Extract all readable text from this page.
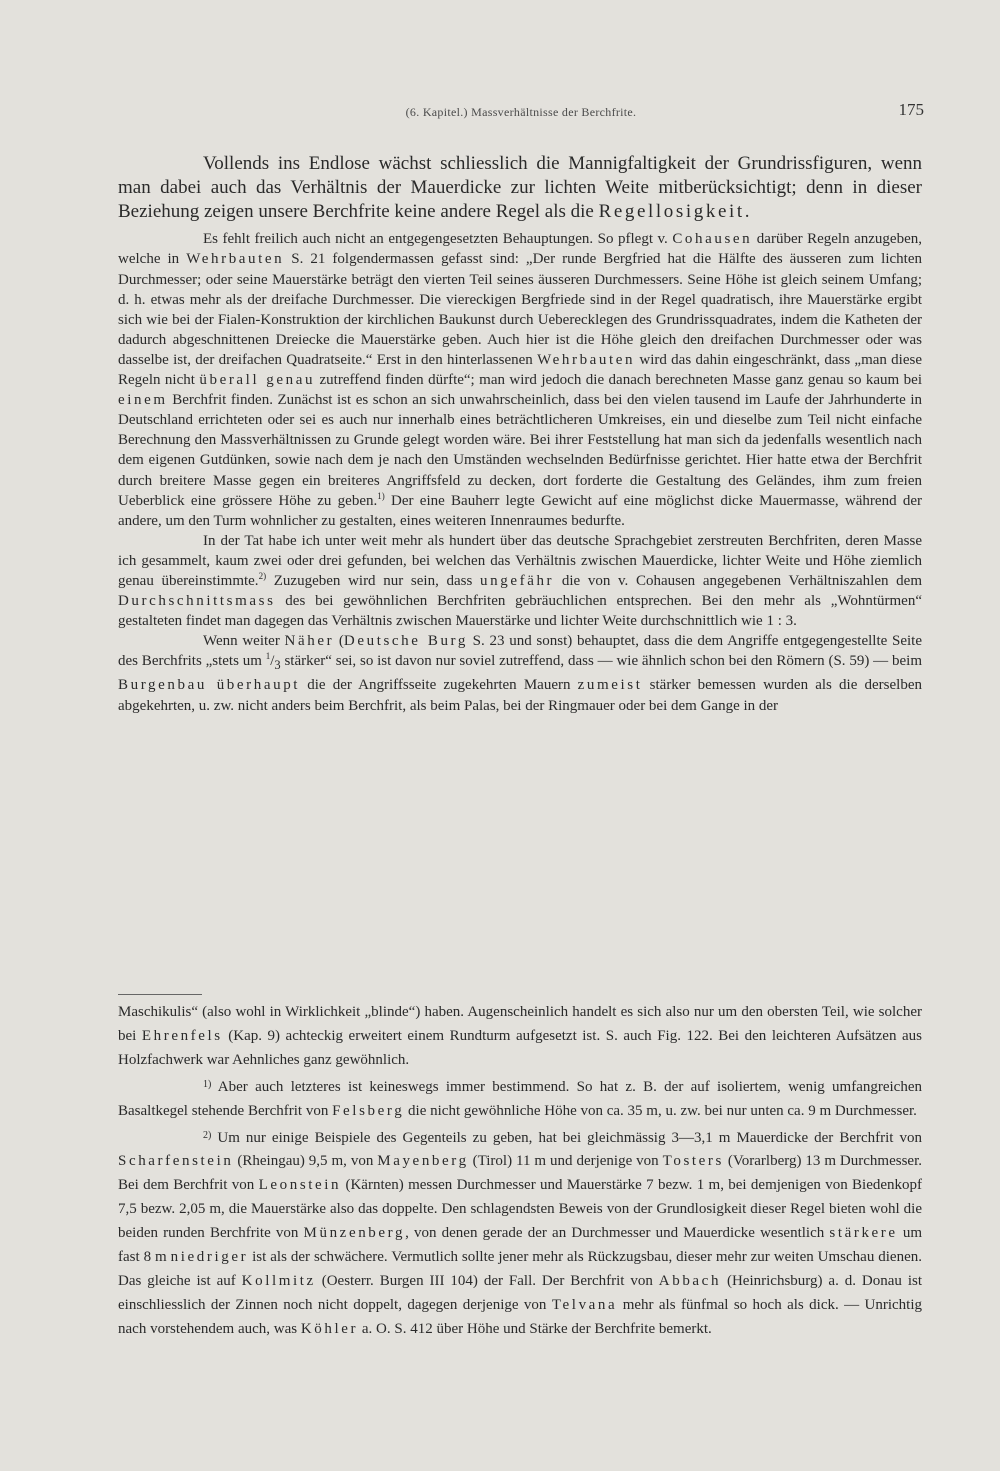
(6. Kapitel.) Massverhältnisse der Berchfrite.	175

Vollends ins Endlose wächst schliesslich die Mannigfaltigkeit der Grundrissfiguren, wenn man dabei auch das Verhältnis der Mauerdicke zur lichten Weite mitberücksichtigt; denn in dieser Beziehung zeigen unsere Berchfrite keine andere Regel als die Regellosigkeit.

Es fehlt freilich auch nicht an entgegengesetzten Behauptungen. So pflegt v. Cohausen darüber Regeln anzugeben, welche in Wehrbauten S. 21 folgendermassen gefasst sind: „Der runde Bergfried hat die Hälfte des äusseren zum lichten Durchmesser; oder seine Mauerstärke beträgt den vierten Teil seines äusseren Durchmessers. Seine Höhe ist gleich seinem Umfang; d. h. etwas mehr als der dreifache Durchmesser. Die viereckigen Bergfriede sind in der Regel quadratisch, ihre Mauerstärke ergibt sich wie bei der Fialen-Konstruktion der kirchlichen Baukunst durch Ueberecklegen des Grundrissquadrates, indem die Katheten der dadurch abgeschnittenen Dreiecke die Mauerstärke geben. Auch hier ist die Höhe gleich den dreifachen Durchmesser oder was dasselbe ist, der dreifachen Quadratseite.“ Erst in den hinterlassenen Wehrbauten wird das dahin eingeschränkt, dass „man diese Regeln nicht überall genau zutreffend finden dürfte“; man wird jedoch die danach berechneten Masse ganz genau so kaum bei einem Berchfrit finden. Zunächst ist es schon an sich unwahrscheinlich, dass bei den vielen tausend im Laufe der Jahrhunderte in Deutschland errichteten oder sei es auch nur innerhalb eines beträchtlicheren Umkreises, ein und dieselbe zum Teil nicht einfache Berechnung den Massverhältnissen zu Grunde gelegt worden wäre. Bei ihrer Feststellung hat man sich da jedenfalls wesentlich nach dem eigenen Gutdünken, sowie nach dem je nach den Umständen wechselnden Bedürfnisse gerichtet. Hier hatte etwa der Berchfrit durch breitere Masse gegen ein breiteres Angriffsfeld zu decken, dort forderte die Gestaltung des Geländes, ihm zum freien Ueberblick eine grössere Höhe zu geben.$^{1)}$ Der eine Bauherr legte Gewicht auf eine möglichst dicke Mauermasse, während der andere, um den Turm wohnlicher zu gestalten, eines weiteren Innenraumes bedurfte.

In der Tat habe ich unter weit mehr als hundert über das deutsche Sprachgebiet zerstreuten Berchfriten, deren Masse ich gesammelt, kaum zwei oder drei gefunden, bei welchen das Verhältnis zwischen Mauerdicke, lichter Weite und Höhe ziemlich genau übereinstimmte.$^{2)}$ Zuzugeben wird nur sein, dass ungefähr die von v. Cohausen angegebenen Verhältniszahlen dem Durchschnittsmass des bei gewöhnlichen Berchfriten gebräuchlichen entsprechen. Bei den mehr als „Wohntürmen“ gestalteten findet man dagegen das Verhältnis zwischen Mauerstärke und lichter Weite durchschnittlich wie 1 : 3.

Wenn weiter Näher (Deutsche Burg S. 23 und sonst) behauptet, dass die dem Angriffe entgegengestellte Seite des Berchfrits „stets um $^1/_3$ stärker“ sei, so ist davon nur soviel zutreffend, dass — wie ähnlich schon bei den Römern (S. 59) — beim Burgenbau überhaupt die der Angriffsseite zugekehrten Mauern zumeist stärker bemessen wurden als die derselben abgekehrten, u. zw. nicht anders beim Berchfrit, als beim Palas, bei der Ringmauer oder bei dem Gange in der

Maschikulis“ (also wohl in Wirklichkeit „blinde“) haben. Augenscheinlich handelt es sich also nur um den obersten Teil, wie solcher bei Ehrenfels (Kap. 9) achteckig erweitert einem Rundturm aufgesetzt ist. S. auch Fig. 122. Bei den leichteren Aufsätzen aus Holzfachwerk war Aehnliches ganz gewöhnlich.

$^{1)}$ Aber auch letzteres ist keineswegs immer bestimmend. So hat z. B. der auf isoliertem, wenig umfangreichen Basaltkegel stehende Berchfrit von Felsberg die nicht gewöhnliche Höhe von ca. 35 m, u. zw. bei nur unten ca. 9 m Durchmesser.

$^{2)}$ Um nur einige Beispiele des Gegenteils zu geben, hat bei gleichmässig 3—3,1 m Mauerdicke der Berchfrit von Scharfenstein (Rheingau) 9,5 m, von Mayenberg (Tirol) 11 m und derjenige von Tosters (Vorarlberg) 13 m Durchmesser. Bei dem Berchfrit von Leonstein (Kärnten) messen Durchmesser und Mauerstärke 7 bezw. 1 m, bei demjenigen von Biedenkopf 7,5 bezw. 2,05 m, die Mauerstärke also das doppelte. Den schlagendsten Beweis von der Grundlosigkeit dieser Regel bieten wohl die beiden runden Berchfrite von Münzenberg, von denen gerade der an Durchmesser und Mauerdicke wesentlich stärkere um fast 8 m niedriger ist als der schwächere. Vermutlich sollte jener mehr als Rückzugsbau, dieser mehr zur weiten Umschau dienen. Das gleiche ist auf Kollmitz (Oesterr. Burgen III 104) der Fall. Der Berchfrit von Abbach (Heinrichsburg) a. d. Donau ist einschliesslich der Zinnen noch nicht doppelt, dagegen derjenige von Telvana mehr als fünfmal so hoch als dick. — Unrichtig nach vorstehendem auch, was Köhler a. O. S. 412 über Höhe und Stärke der Berchfrite bemerkt.
